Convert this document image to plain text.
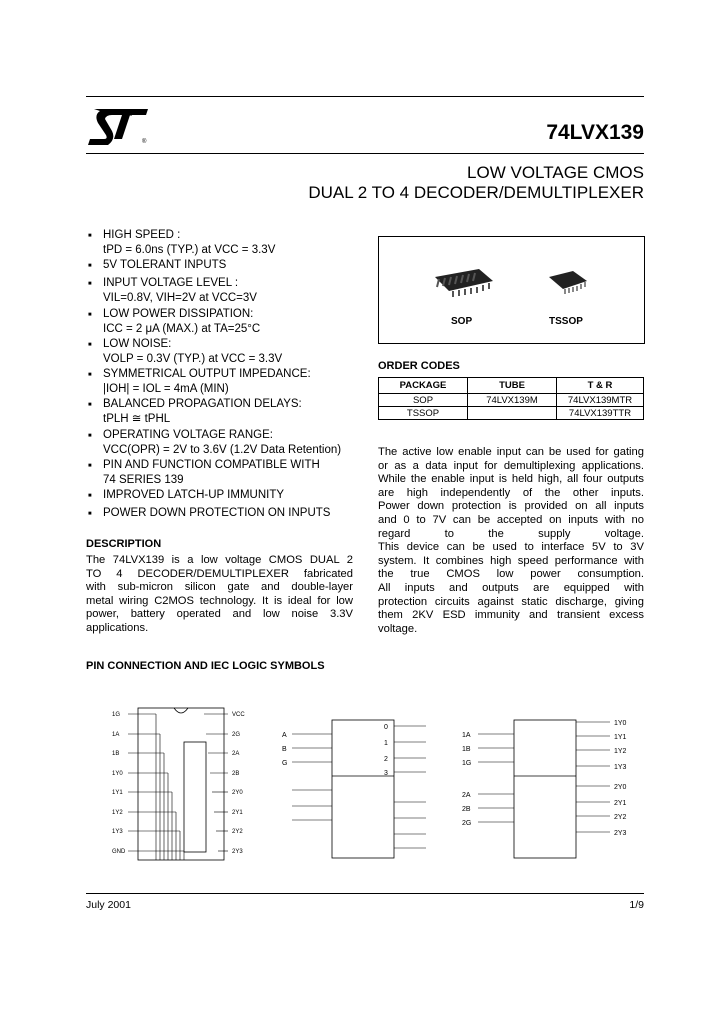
®	74LVX139
LOW VOLTAGE CMOS
DUAL 2 TO 4 DECODER/DEMULTIPLEXER
■ HIGH SPEED :
tPD = 6.0ns (TYP.) at VCC = 3.3V
■ 5V TOLERANT INPUTS
■ INPUT VOLTAGE LEVEL :
VIL=0.8V, VIH=2V at VCC=3V
■ LOW POWER DISSIPATION:
ICC = 2 μA (MAX.) at TA=25°C
■ LOW NOISE:
VOLP = 0.3V (TYP.) at VCC = 3.3V
■ SYMMETRICAL OUTPUT IMPEDANCE:
|IOH| = IOL = 4mA (MIN)
■ BALANCED PROPAGATION DELAYS:
tPLH ≅ tPHL
■ OPERATING VOLTAGE RANGE:
VCC(OPR) = 2V to 3.6V (1.2V Data Retention)
■ PIN AND FUNCTION COMPATIBLE WITH
74 SERIES 139
■ IMPROVED LATCH-UP IMMUNITY
■ POWER DOWN PROTECTION ON INPUTS
SOP	TSSOP
ORDER CODES
PACKAGE	TUBE	T & R
SOP	74LVX139M	74LVX139MTR
TSSOP		74LVX139TTR
DESCRIPTION
The 74LVX139 is a low voltage CMOS DUAL 2
TO 4 DECODER/DEMULTIPLEXER fabricated
with sub-micron silicon gate and double-layer
metal wiring C2MOS technology. It is ideal for low
power, battery operated and low noise 3.3V
applications.
The active low enable input can be used for gating
or as a data input for demultiplexing applications.
While the enable input is held high, all four outputs
are high independently of the other inputs.
Power down protection is provided on all inputs
and 0 to 7V can be accepted on inputs with no
regard to the supply voltage.
This device can be used to interface 5V to 3V
system. It combines high speed performance with
the true CMOS low power consumption.
All inputs and outputs are equipped with
protection circuits against static discharge, giving
them 2KV ESD immunity and transient excess
voltage.
PIN CONNECTION AND IEC LOGIC SYMBOLS
1G
1A
1B
1Y0
1Y1
1Y2
1Y3
GND
VCC
2G
2A
2B
2Y0
2Y1
2Y2
2Y3
A
B
G
0
1
2
3
1A
1B
1G
2A
2B
2G
1Y0
1Y1
1Y2
1Y3
2Y0
2Y1
2Y2
2Y3
July 2001	1/9
